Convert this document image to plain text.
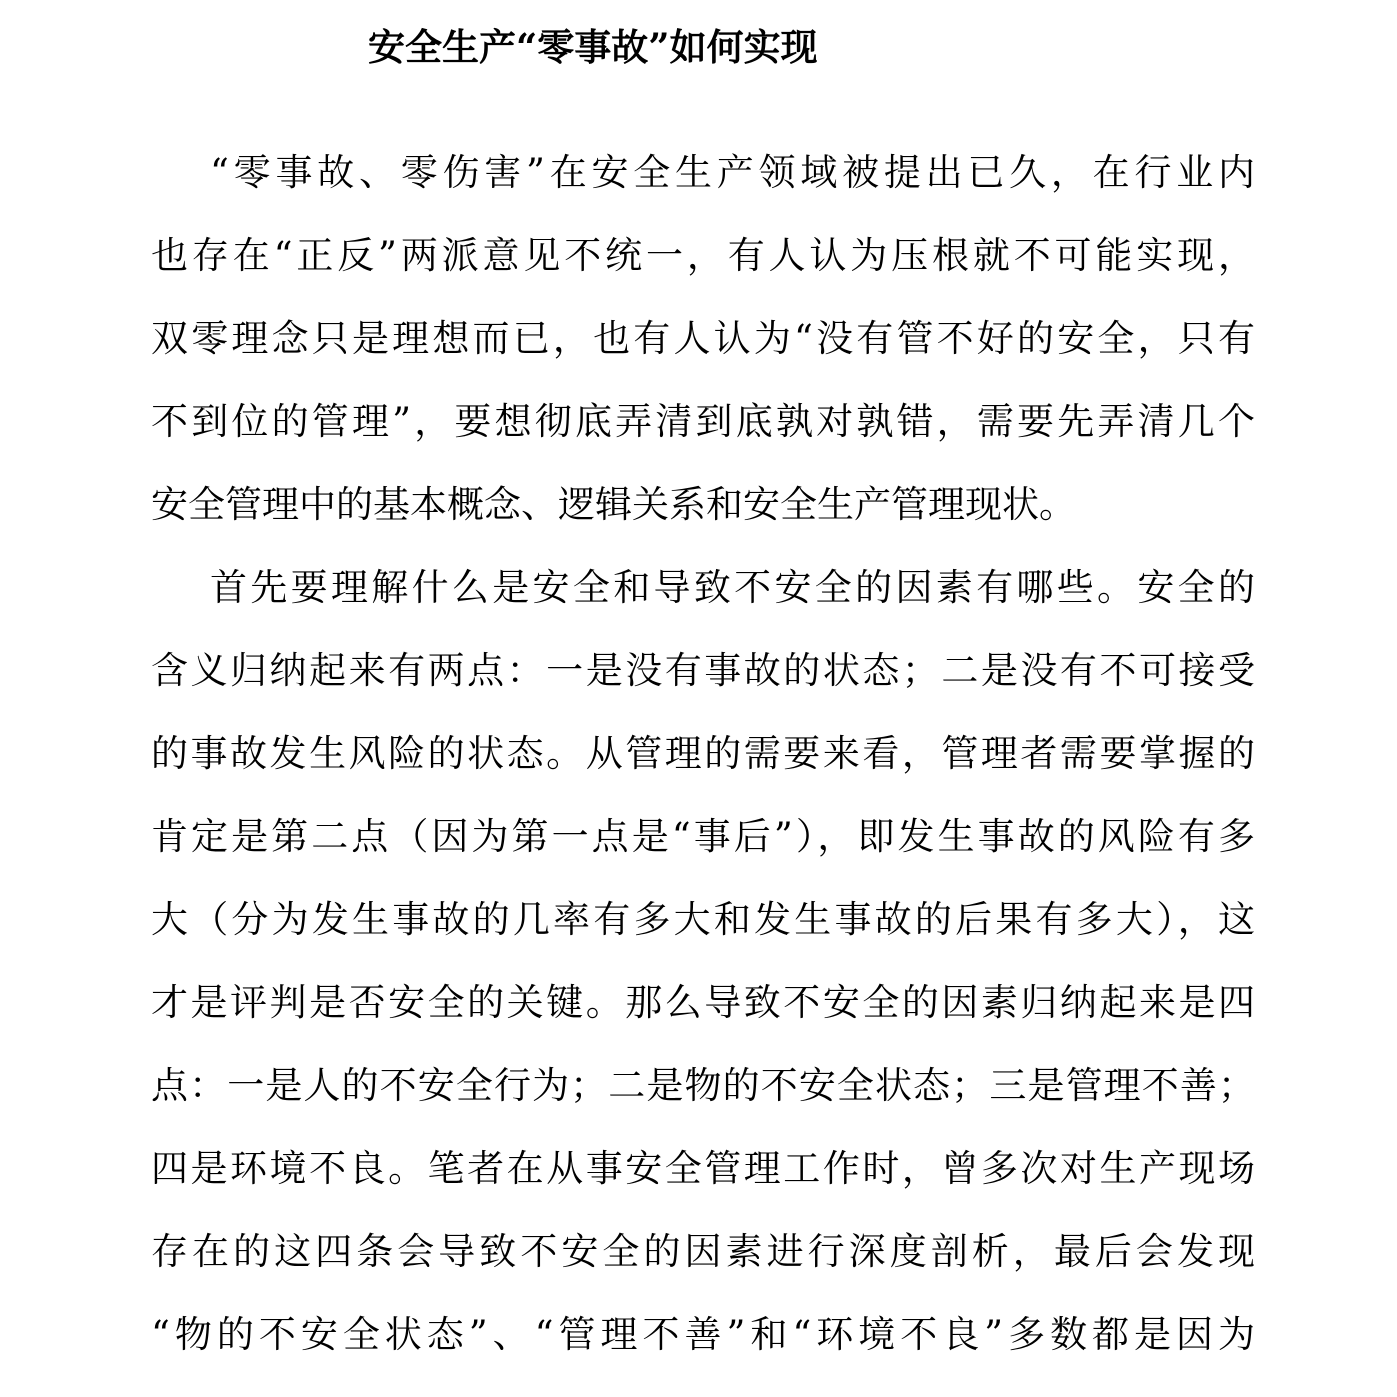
安全生产“零事故”如何实现
“零事故、零伤害”在安全生产领域被提出已久，在行业内
也存在“正反”两派意见不统一，有人认为压根就不可能实现，
双零理念只是理想而已，也有人认为“没有管不好的安全，只有
不到位的管理”，要想彻底弄清到底孰对孰错，需要先弄清几个
安全管理中的基本概念、逻辑关系和安全生产管理现状。
首先要理解什么是安全和导致不安全的因素有哪些。安全的
含义归纳起来有两点：一是没有事故的状态；二是没有不可接受
的事故发生风险的状态。从管理的需要来看，管理者需要掌握的
肯定是第二点（因为第一点是“事后”），即发生事故的风险有多
大（分为发生事故的几率有多大和发生事故的后果有多大），这
才是评判是否安全的关键。那么导致不安全的因素归纳起来是四
点：一是人的不安全行为；二是物的不安全状态；三是管理不善；
四是环境不良。笔者在从事安全管理工作时，曾多次对生产现场
存在的这四条会导致不安全的因素进行深度剖析，最后会发现
“物的不安全状态”、“管理不善”和“环境不良”多数都是因为
